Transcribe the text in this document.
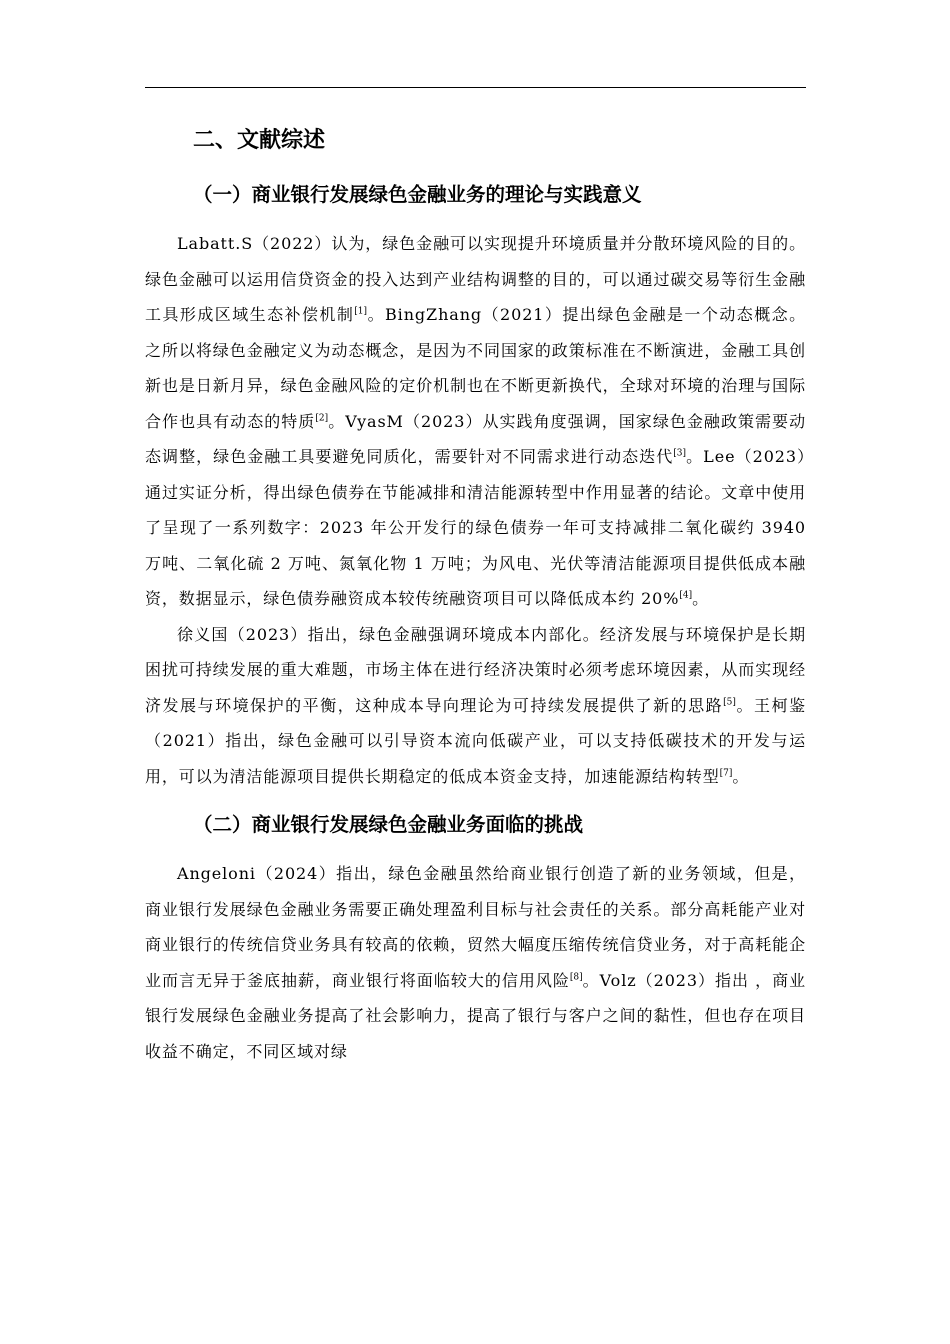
二、文献综述
（一）商业银行发展绿色金融业务的理论与实践意义

Labatt.S（2022）认为，绿色金融可以实现提升环境质量并分散环境风险的目的。绿色金融可以运用信贷资金的投入达到产业结构调整的目的，可以通过碳交易等衍生金融工具形成区域生态补偿机制[1]。BingZhang（2021）提出绿色金融是一个动态概念。之所以将绿色金融定义为动态概念，是因为不同国家的政策标准在不断演进，金融工具创新也是日新月异，绿色金融风险的定价机制也在不断更新换代，全球对环境的治理与国际合作也具有动态的特质[2]。VyasM（2023）从实践角度强调，国家绿色金融政策需要动态调整，绿色金融工具要避免同质化，需要针对不同需求进行动态迭代[3]。Lee（2023）通过实证分析，得出绿色债券在节能减排和清洁能源转型中作用显著的结论。文章中使用了呈现了一系列数字：2023 年公开发行的绿色债券一年可支持减排二氧化碳约 3940 万吨、二氧化硫 2 万吨、氮氧化物 1 万吨；为风电、光伏等清洁能源项目提供低成本融资，数据显示，绿色债券融资成本较传统融资项目可以降低成本约 20%[4]。

徐义国（2023）指出，绿色金融强调环境成本内部化。经济发展与环境保护是长期困扰可持续发展的重大难题，市场主体在进行经济决策时必须考虑环境因素，从而实现经济发展与环境保护的平衡，这种成本导向理论为可持续发展提供了新的思路[5]。王柯鉴（2021）指出，绿色金融可以引导资本流向低碳产业，可以支持低碳技术的开发与运用，可以为清洁能源项目提供长期稳定的低成本资金支持，加速能源结构转型[7]。

（二）商业银行发展绿色金融业务面临的挑战

Angeloni（2024）指出，绿色金融虽然给商业银行创造了新的业务领域，但是，商业银行发展绿色金融业务需要正确处理盈利目标与社会责任的关系。部分高耗能产业对商业银行的传统信贷业务具有较高的依赖，贸然大幅度压缩传统信贷业务，对于高耗能企业而言无异于釜底抽薪，商业银行将面临较大的信用风险[8]。Volz（2023）指出 ，商业银行发展绿色金融业务提高了社会影响力，提高了银行与客户之间的黏性，但也存在项目收益不确定，不同区域对绿
